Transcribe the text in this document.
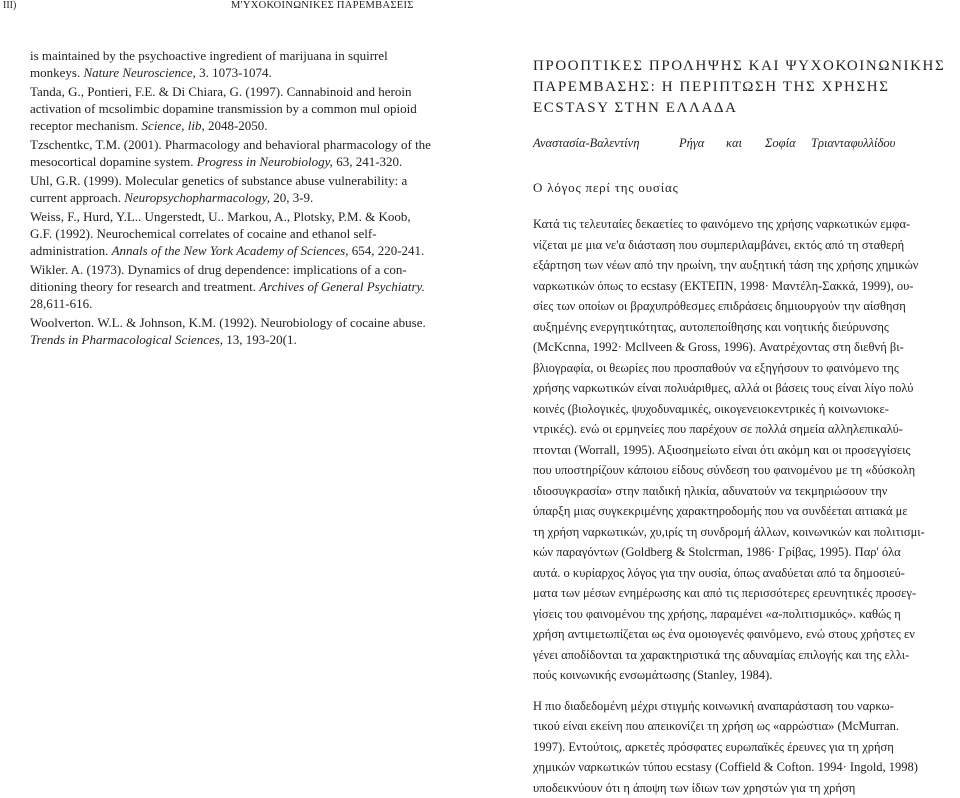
III)	Μ'ΥΧΟΚΟΙΝΩΝΙΚΕΣ ΠΑΡΕΜΒΑΣΕΙΣ
is maintained by the psychoactive ingredient of marijuana in squirrel
monkeys. Nature Neuroscience, 3. 1073-1074.
Tanda, G., Pontieri, F.E. & Di Chiara, G. (1997). Cannabinoid and heroin
activation of mcsolimbic dopamine transmission by a common mul opioid
receptor mechanism. Science, lib, 2048-2050.
Tzschentkc, T.M. (2001). Pharmacology and behavioral pharmacology of the
mesocortical dopamine system. Progress in Neurobiology, 63, 241-320.
Uhl, G.R. (1999). Molecular genetics of substance abuse vulnerability: a
current approach. Neuropsychopharmacology, 20, 3-9.
Weiss, F., Hurd, Y.L.. Ungerstedt, U.. Markou, A., Plotsky, P.M. & Koob,
G.F. (1992). Neurochemical correlates of cocaine and ethanol self-
administration. Annals of the New York Academy of Sciences, 654, 220-241.
Wikler. A. (1973). Dynamics of drug dependence: implications of a con-
ditioning theory for research and treatment. Archives of General Psychiatry.
28,611-616.
Woolverton. W.L. & Johnson, K.M. (1992). Neurobiology of cocaine abuse.
Trends in Pharmacological Sciences, 13, 193-20(1.
ΠΡΟΟΠΤΙΚΕΣ ΠΡΟΛΗΨΗΣ ΚΑΙ ΨΥΧΟΚΟΙΝΩΝΙΚΗΣ
ΠΑΡΕΜΒΑΣΗΣ: Η ΠΕΡΙΠΤΩΣΗ ΤΗΣ ΧΡΗΣΗΣ
ECSTASY ΣΤΗΝ ΕΛΛΑΔΑ
Αναστασία-Βαλεντίνη	Ρήγα και Σοφία Τριανταφυλλίδου
Ο λόγος περί της ουσίας
Κατά τις τελευταίες δεκαετίες το φαινόμενο της χρήσης ναρκωτικών εμφα-
νίζεται με μια νε'α διάσταση που συμπεριλαμβάνει, εκτός από τη σταθερή
εξάρτηση των νέων από την ηρωίνη, την αυξητική τάση της χρήσης χημικών
ναρκωτικών όπως το ecstasy (ΕΚΤΕΠΝ, 1998· Μαντέλη-Σακκά, 1999), ου-
σίες των οποίων οι βραχυπρόθεσμες επιδράσεις δημιουργούν την αίσθηση
αυξημένης ενεργητικότητας, αυτοπεποίθησης και νοητικής διεύρυνσης
(McKcnna, 1992· Mcllveen & Gross, 1996). Ανατρέχοντας στη διεθνή βι-
βλιογραφία, οι θεωρίες που προσπαθούν να εξηγήσουν το φαινόμενο της
χρήσης ναρκωτικών είναι πολυάριθμες, αλλά οι βάσεις τους είναι λίγο πολύ
κοινές (βιολογικές, ψυχοδυναμικές, οικογενειοκεντρικές ή κοινωνιοκε-
ντρικές). ενώ οι ερμηνείες που παρέχουν σε πολλά σημεία αλληλεπικαλύ-
πτονται (Worrall, 1995). Αξιοσημείωτο είναι ότι ακόμη και οι προσεγγίσεις
που υποστηρίζουν κάποιου είδους σύνδεση του φαινομένου με τη «δύσκολη
ιδιοσυγκρασία» στην παιδική ηλικία, αδυνατούν να τεκμηριώσουν την
ύπαρξη μιας συγκεκριμένης χαρακτηροδομής που να συνδέεται αιτιακά με
τη χρήση ναρκωτικών, χυ,ιρίς τη συνδρομή άλλων, κοινωνικών και πολιτισμι-
κών παραγόντων (Goldberg & Stolcrman, 1986· Γρίβας, 1995). Παρ' όλα
αυτά. ο κυρίαρχος λόγος για την ουσία, όπως αναδύεται από τα δημοσιεύ-
ματα των μέσων ενημέρωσης και από τις περισσότερες ερευνητικές προσεγ-
γίσεις του φαινομένου της χρήσης, παραμένει «α-πολιτισμικός». καθώς η
χρήση αντιμετωπίζεται ως ένα ομοιογενές φαινόμενο, ενώ στους χρήστες εν
γένει αποδίδονται τα χαρακτηριστικά της αδυναμίας επιλογής και της ελλι-
πούς κοινωνικής ενσωμάτωσης (Stanley, 1984).
Η πιο διαδεδομένη μέχρι στιγμής κοινωνική αναπαράσταση του ναρκω-
τικού είναι εκείνη που απεικονίζει τη χρήση ως «αρρώστια» (McMurran.
1997). Εντούτοις, αρκετές πρόσφατες ευρωπαϊκές έρευνες για τη χρήση
χημικών ναρκωτικών τύπου ecstasy (Coffield & Cofton. 1994· Ingold, 1998)
υποδεικνύουν ότι η άποψη των ίδιων των χρηστών για τη χρήση
